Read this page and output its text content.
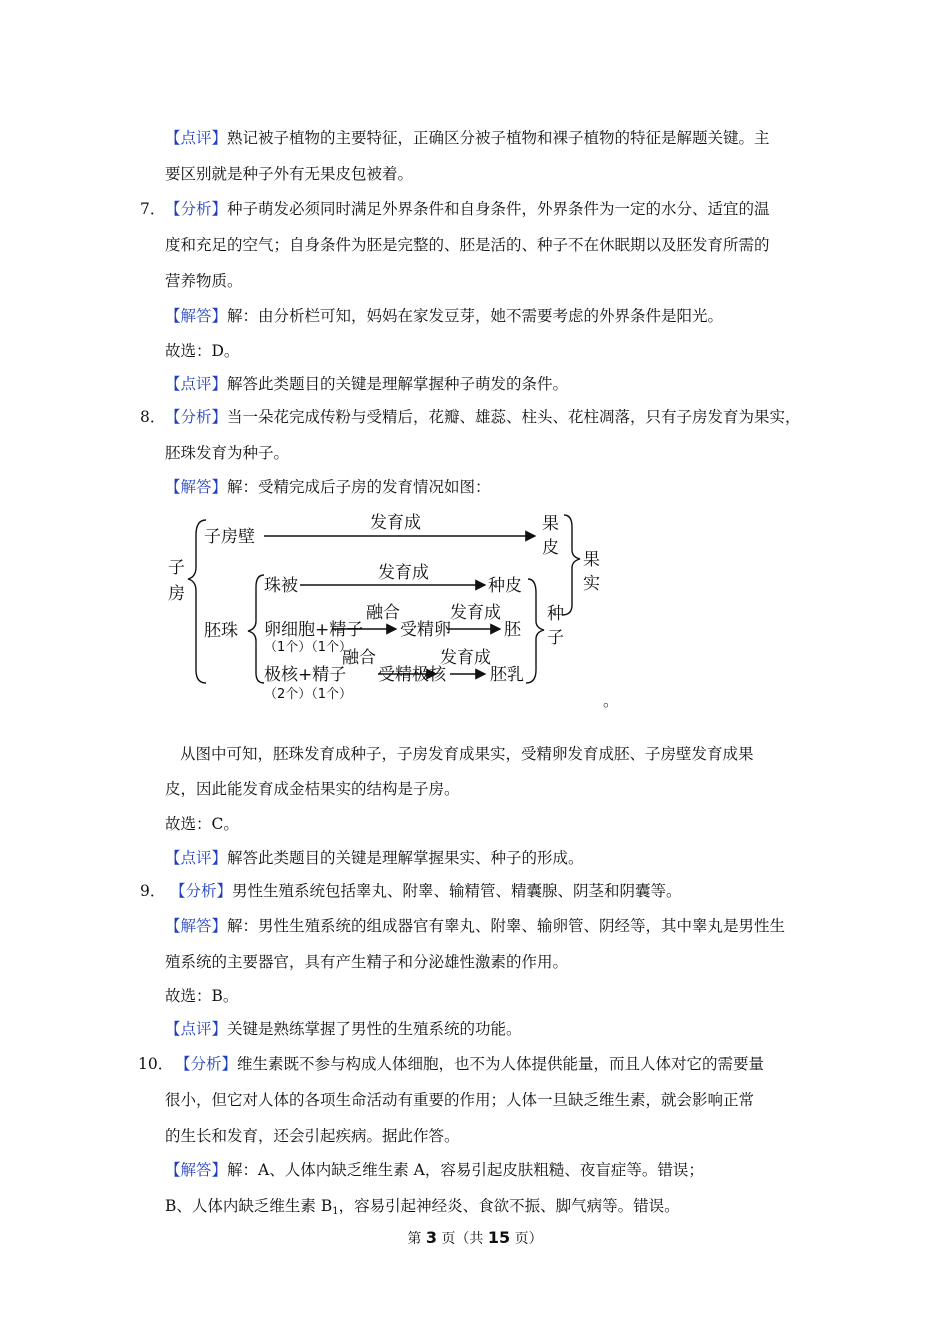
【点评】熟记被子植物的主要特征，正确区分被子植物和裸子植物的特征是解题关键。主
要区别就是种子外有无果皮包被着。
7． 【分析】种子萌发必须同时满足外界条件和自身条件，外界条件为一定的水分、适宜的温
度和充足的空气；自身条件为胚是完整的、胚是活的、种子不在休眠期以及胚发育所需的
营养物质。
【解答】解：由分析栏可知，妈妈在家发豆芽，她不需要考虑的外界条件是阳光。
故选：D。
【点评】解答此类题目的关键是理解掌握种子萌发的条件。
8． 【分析】当一朵花完成传粉与受精后，花瓣、雄蕊、柱头、花柱凋落，只有子房发育为果实，
胚珠发育为种子。
【解答】解：受精完成后子房的发育情况如图：
子
房
子房壁
发育成	果
皮
果
实
胚珠
珠被
发育成
种皮
种
子
卵细胞+精子
融合
受精卵
发育成
胚
极核+精子
融合
受精极核
发育成
胚乳
（1个）（1个）
（2个）（1个）	。
从图中可知，胚珠发育成种子，子房发育成果实，受精卵发育成胚、子房壁发育成果
皮，因此能发育成金桔果实的结构是子房。
故选：C。
【点评】解答此类题目的关键是理解掌握果实、种子的形成。
9． 【分析】男性生殖系统包括睾丸、附睾、输精管、精囊腺、阴茎和阴囊等。
【解答】解：男性生殖系统的组成器官有睾丸、附睾、输卵管、阴经等，其中睾丸是男性生
殖系统的主要器官，具有产生精子和分泌雄性激素的作用。
故选：B。
【点评】关键是熟练掌握了男性的生殖系统的功能。
10． 【分析】维生素既不参与构成人体细胞，也不为人体提供能量，而且人体对它的需要量
很小，但它对人体的各项生命活动有重要的作用；人体一旦缺乏维生素，就会影响正常
的生长和发育，还会引起疾病。据此作答。
【解答】解：A、人体内缺乏维生素 A，容易引起皮肤粗糙、夜盲症等。错误；
B、人体内缺乏维生素 $B_1$，容易引起神经炎、食欲不振、脚气病等。错误。
第 3 页（共 15 页）
